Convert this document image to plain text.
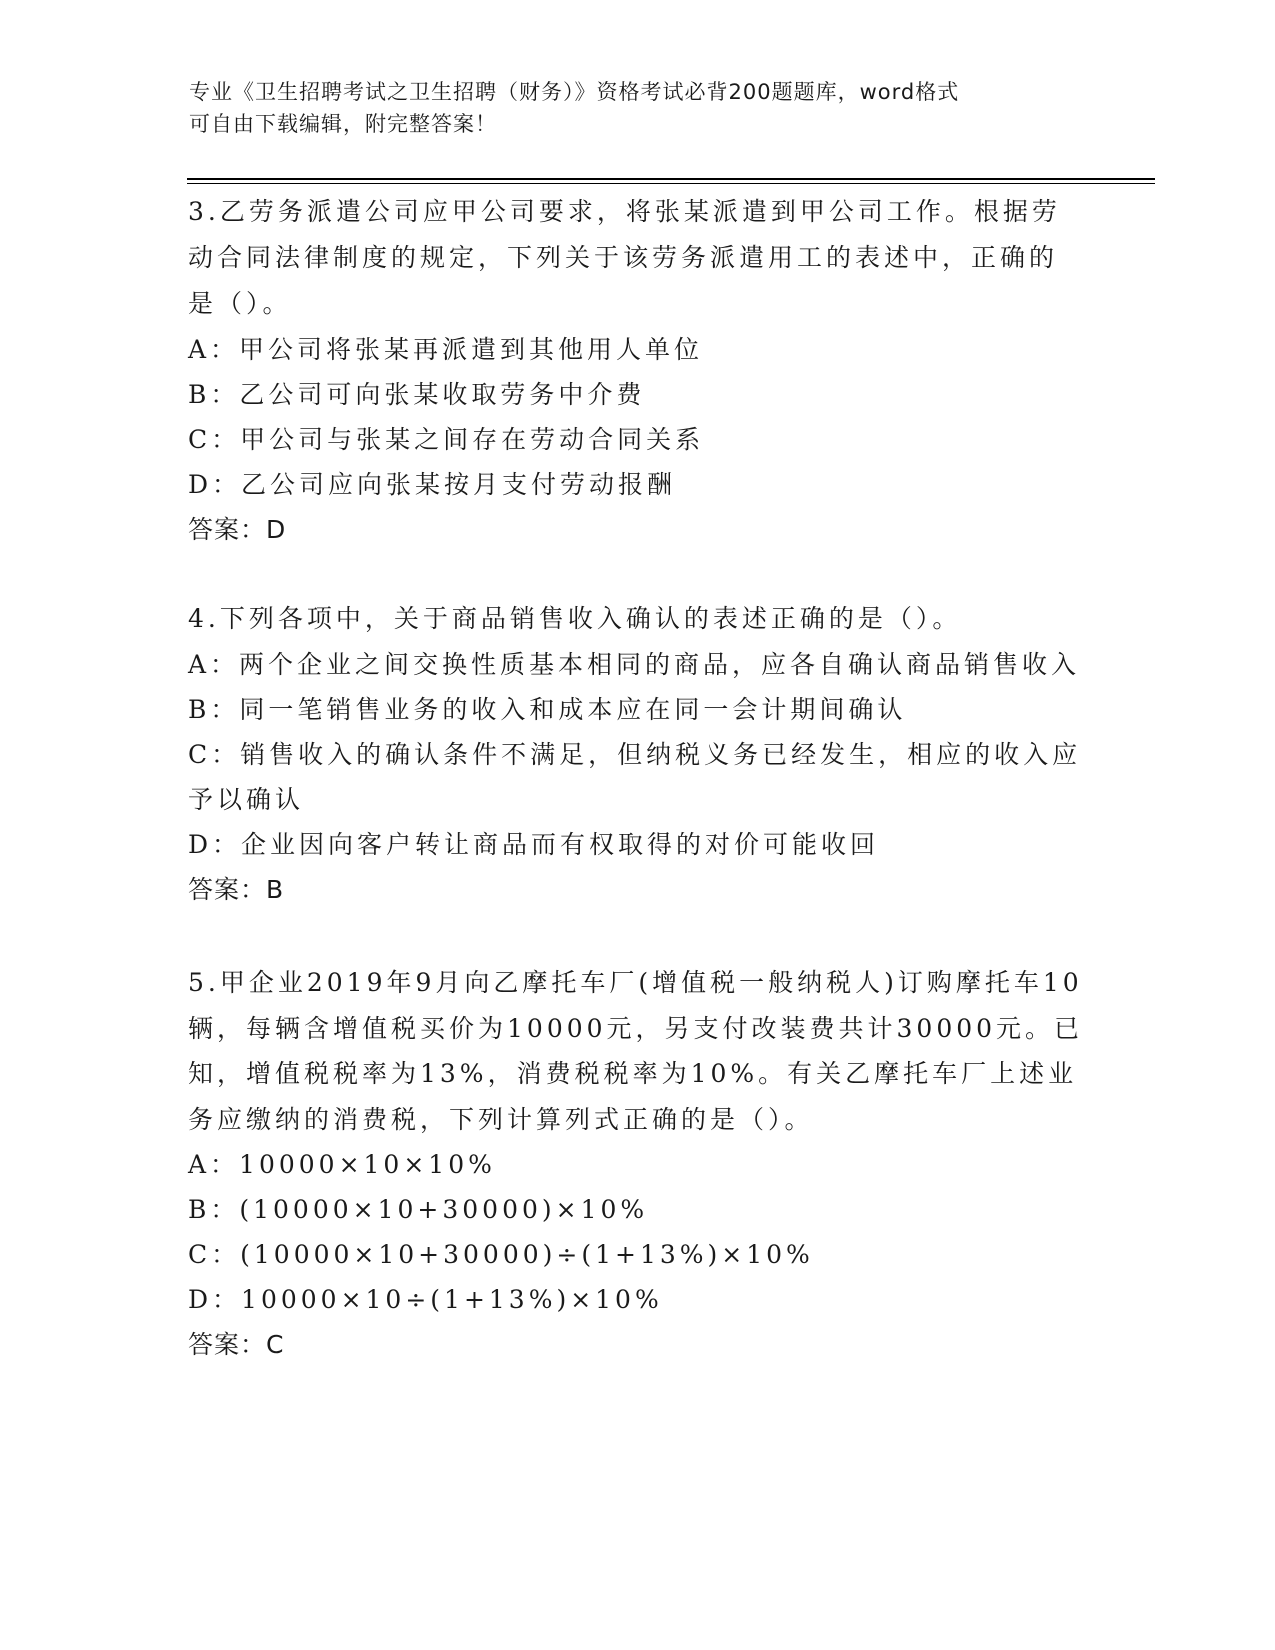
专业《卫生招聘考试之卫生招聘（财务）》资格考试必背200题题库，word格式
可自由下载编辑，附完整答案！
3.乙劳务派遣公司应甲公司要求，将张某派遣到甲公司工作。根据劳
动合同法律制度的规定，下列关于该劳务派遣用工的表述中，正确的
是（）。
A：甲公司将张某再派遣到其他用人单位
B：乙公司可向张某收取劳务中介费
C：甲公司与张某之间存在劳动合同关系
D：乙公司应向张某按月支付劳动报酬
答案：D
4.下列各项中，关于商品销售收入确认的表述正确的是（）。
A：两个企业之间交换性质基本相同的商品，应各自确认商品销售收入
B：同一笔销售业务的收入和成本应在同一会计期间确认
C：销售收入的确认条件不满足，但纳税义务已经发生，相应的收入应
予以确认
D：企业因向客户转让商品而有权取得的对价可能收回
答案：B
5.甲企业2019年9月向乙摩托车厂(增值税一般纳税人)订购摩托车10
辆，每辆含增值税买价为10000元，另支付改装费共计30000元。已
知，增值税税率为13%，消费税税率为10%。有关乙摩托车厂上述业
务应缴纳的消费税，下列计算列式正确的是（）。
A：10000×10×10%
B：(10000×10+30000)×10%
C：(10000×10+30000)÷(1+13%)×10%
D：10000×10÷(1+13%)×10%
答案：C
